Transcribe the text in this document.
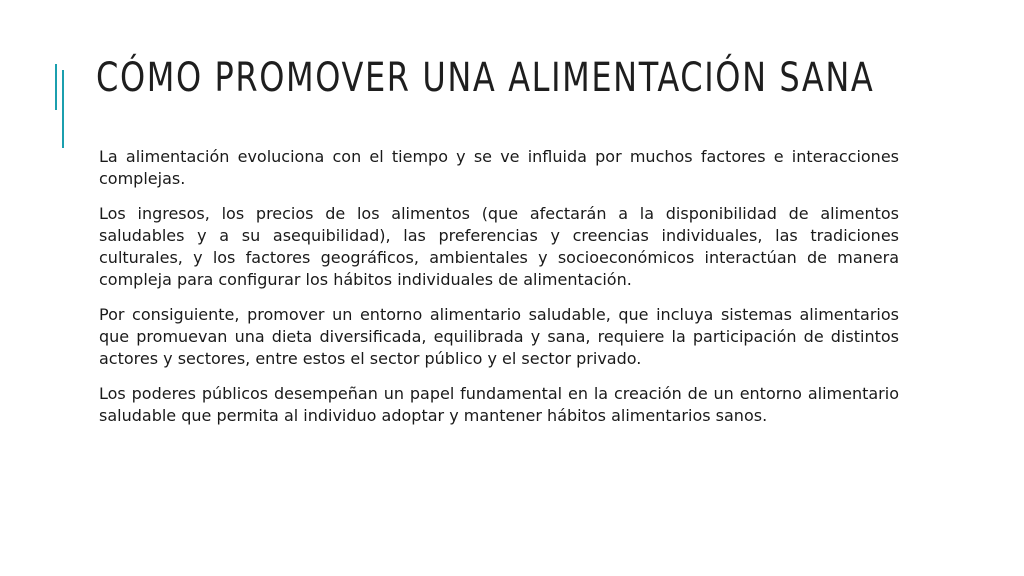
CÓMO PROMOVER UNA ALIMENTACIÓN SANA

La alimentación evoluciona con el tiempo y se ve influida por muchos factores e interacciones complejas.

Los ingresos, los precios de los alimentos (que afectarán a la disponibilidad de alimentos saludables y a su asequibilidad), las preferencias y creencias individuales, las tradiciones culturales, y los factores geográficos, ambientales y socioeconómicos interactúan de manera compleja para configurar los hábitos individuales de alimentación.

Por consiguiente, promover un entorno alimentario saludable, que incluya sistemas alimentarios que promuevan una dieta diversificada, equilibrada y sana, requiere la participación de distintos actores y sectores, entre estos el sector público y el sector privado.

Los poderes públicos desempeñan un papel fundamental en la creación de un entorno alimentario saludable que permita al individuo adoptar y mantener hábitos alimentarios sanos.
